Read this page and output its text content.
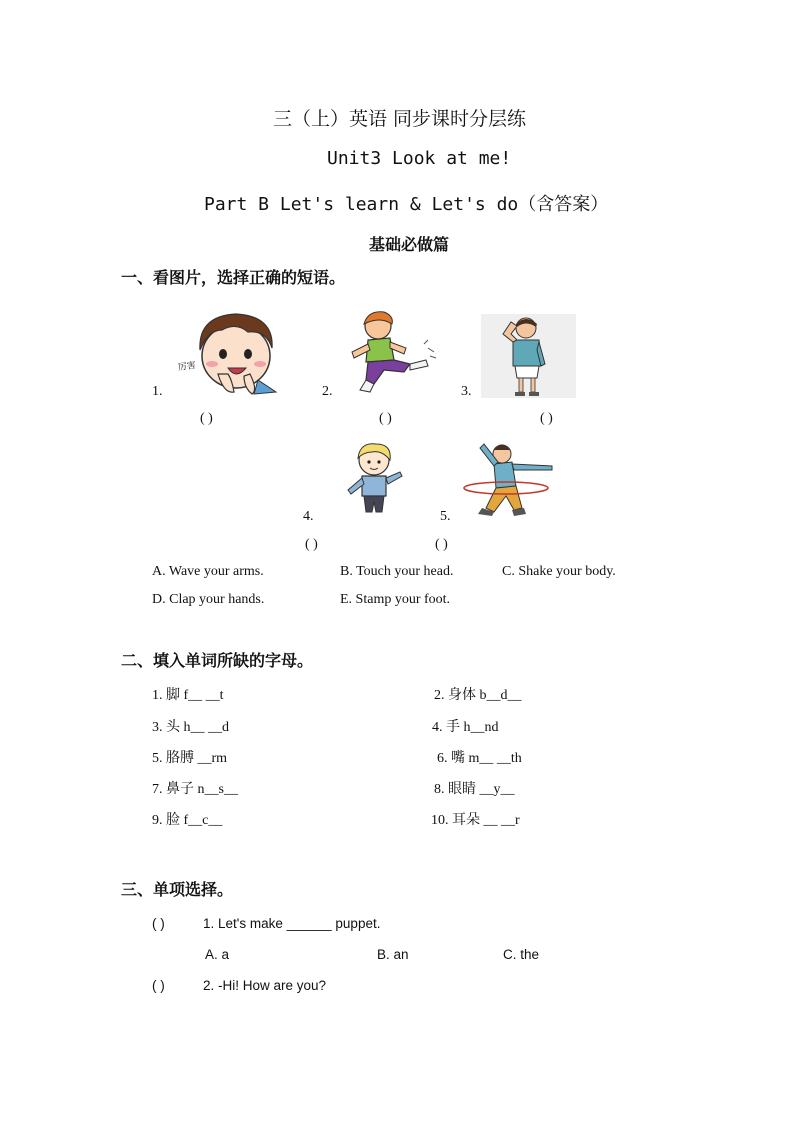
三（上）英语 同步课时分层练
Unit3 Look at me!
Part B Let's learn & Let's do（含答案）
基础必做篇
一、看图片，选择正确的短语。
厉害
1.	2.	3.
( )	( )	( )
4.	5.
( )	( )
A. Wave your arms.	B. Touch your head.	C. Shake your body.
D. Clap your hands.	E. Stamp your foot.
二、填入单词所缺的字母。
1. 脚 f__ __t	2. 身体 b__d__
3. 头 h__ __d	4. 手 h__nd
5. 胳膊 __rm	6. 嘴 m__ __th
7. 鼻子 n__s__	8. 眼睛 __y__
9. 脸 f__c__	10. 耳朵 __ __r
三、单项选择。
( )	1. Let's make ______ puppet.
A. a	B. an	C. the
( )	2. -Hi! How are you?
